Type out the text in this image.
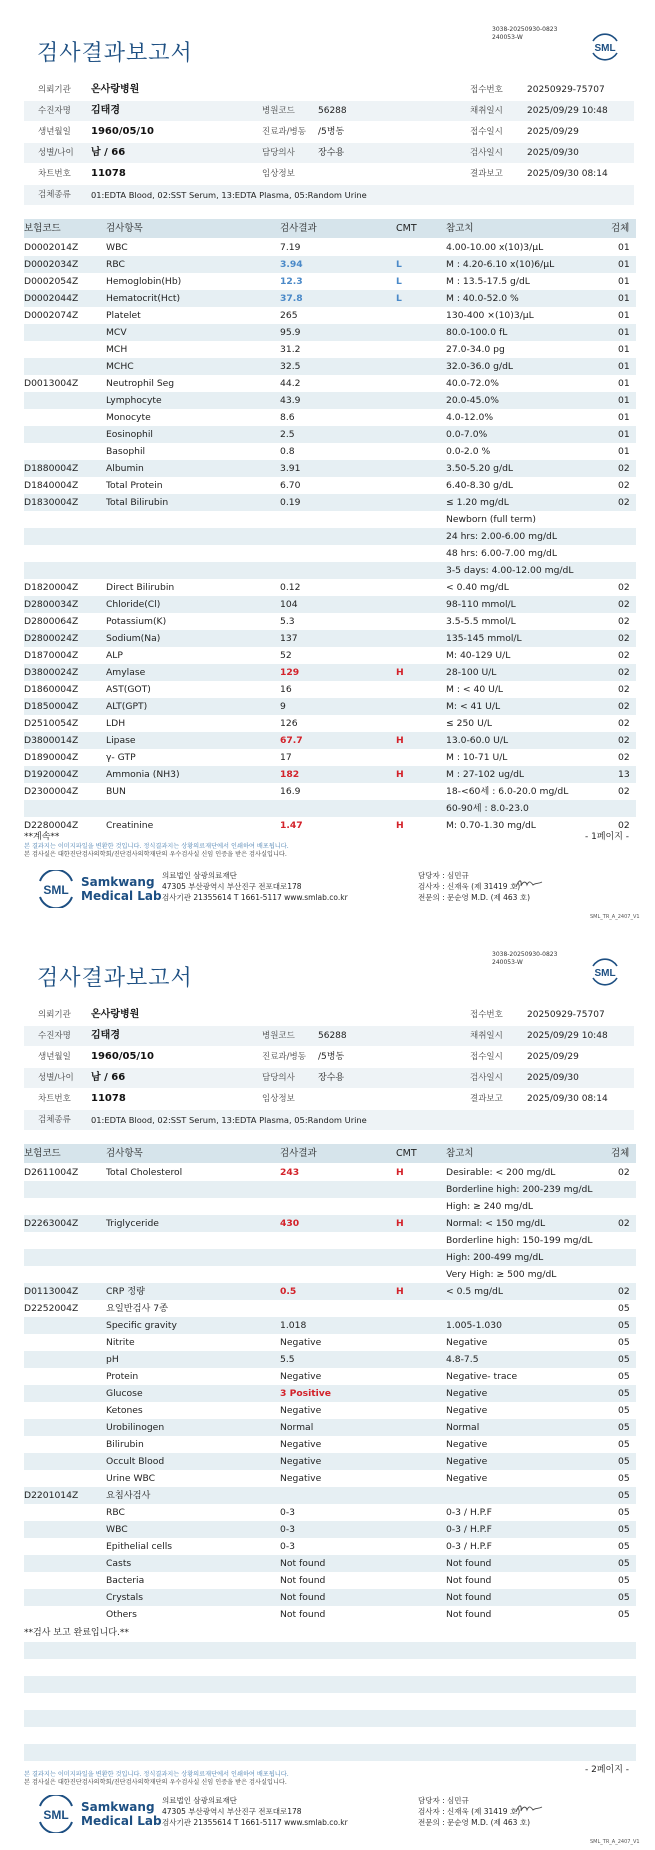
검사결과보고서
3038-20250930-0823
240053-W
SML
의뢰기관 온사랑병원	접수번호	20250929-75707
수진자명 김태경	병원코드	56288	채취일시	2025/09/29 10:48
생년월일 1960/05/10	진료과/병동 /5병동	접수일시	2025/09/29
성별/나이 남 / 66	담당의사	장수용	검사일시	2025/09/30
차트번호 11078	임상정보	결과보고	2025/09/30 08:14
검체종류 01:EDTA Blood, 02:SST Serum, 13:EDTA Plasma, 05:Random Urine
보험코드	검사항목	검사결과	CMT	참고치	검체
D0002014Z	WBC	7.19	4.00-10.00 x(10)3/μL	01
D0002034Z	RBC	3.94	L	M : 4.20-6.10 x(10)6/μL	01
D0002054Z	Hemoglobin(Hb)	12.3	L	M : 13.5-17.5 g/dL	01
D0002044Z	Hematocrit(Hct)	37.8	L	M : 40.0-52.0 %	01
D0002074Z	Platelet	265	130-400 ×(10)3/μL	01
MCV	95.9	80.0-100.0 fL	01
MCH	31.2	27.0-34.0 pg	01
MCHC	32.5	32.0-36.0 g/dL	01
D0013004Z	Neutrophil Seg	44.2	40.0-72.0%	01
Lymphocyte	43.9	20.0-45.0%	01
Monocyte	8.6	4.0-12.0%	01
Eosinophil	2.5	0.0-7.0%	01
Basophil	0.8	0.0-2.0 %	01
D1880004Z	Albumin	3.91	3.50-5.20 g/dL	02
D1840004Z	Total Protein	6.70	6.40-8.30 g/dL	02
D1830004Z	Total Bilirubin	0.19	≤ 1.20 mg/dL	02
Newborn (full term)
24 hrs: 2.00-6.00 mg/dL
48 hrs: 6.00-7.00 mg/dL
3-5 days: 4.00-12.00 mg/dL
D1820004Z	Direct Bilirubin	0.12	< 0.40 mg/dL	02
D2800034Z	Chloride(Cl)	104	98-110 mmol/L	02
D2800064Z	Potassium(K)	5.3	3.5-5.5 mmol/L	02
D2800024Z	Sodium(Na)	137	135-145 mmol/L	02
D1870004Z	ALP	52	M: 40-129 U/L	02
D3800024Z	Amylase	129	H	28-100 U/L	02
D1860004Z	AST(GOT)	16	M : < 40 U/L	02
D1850004Z	ALT(GPT)	9	M: < 41 U/L	02
D2510054Z	LDH	126	≤ 250 U/L	02
D3800014Z	Lipase	67.7	H	13.0-60.0 U/L	02
D1890004Z	γ- GTP	17	M : 10-71 U/L	02
D1920004Z	Ammonia (NH3)	182	H	M : 27-102 ug/dL	13
D2300004Z	BUN	16.9	18-<60세 : 6.0-20.0 mg/dL	02
60-90세 : 8.0-23.0
D2280004Z	Creatinine	1.47	H	M: 0.70-1.30 mg/dL	02
**계속**	- 1페이지 -
본 결과지는 이미지파일을 변환한 것입니다. 정식결과지는 상황의료재단에서 인쇄하여 배포됩니다.
본 검사실은 대한진단검사의학회/진단검사의학재단의 우수검사실 신임 인증을 받은 검사실입니다.
SML
Samkwang
Medical Lab
의료법인 삼광의료재단
47305 부산광역시 부산진구 전포대로178
검사기관 21355614 T 1661-5117 www.smlab.co.kr
담당자 : 심민규
검사자 : 신재욱 (제 31419 호)
전문의 : 문순영 M.D. (제 463 호)
SML_TR_A_2407_V1
검사결과보고서
3038-20250930-0823
240053-W
SML
의뢰기관 온사랑병원	접수번호	20250929-75707
수진자명 김태경	병원코드	56288	채취일시	2025/09/29 10:48
생년월일 1960/05/10	진료과/병동 /5병동	접수일시	2025/09/29
성별/나이 남 / 66	담당의사	장수용	검사일시	2025/09/30
차트번호 11078	임상정보	결과보고	2025/09/30 08:14
검체종류 01:EDTA Blood, 02:SST Serum, 13:EDTA Plasma, 05:Random Urine
보험코드	검사항목	검사결과	CMT	참고치	검체
D2611004Z	Total Cholesterol	243	H	Desirable: < 200 mg/dL	02
Borderline high: 200-239 mg/dL
High: ≥ 240 mg/dL
D2263004Z	Triglyceride	430	H	Normal: < 150 mg/dL	02
Borderline high: 150-199 mg/dL
High: 200-499 mg/dL
Very High: ≥ 500 mg/dL
D0113004Z	CRP 정량	0.5	H	< 0.5 mg/dL	02
D2252004Z	요일반검사 7종	05
Specific gravity	1.018	1.005-1.030	05
Nitrite	Negative	Negative	05
pH	5.5	4.8-7.5	05
Protein	Negative	Negative- trace	05
Glucose	3 Positive	Negative	05
Ketones	Negative	Negative	05
Urobilinogen	Normal	Normal	05
Bilirubin	Negative	Negative	05
Occult Blood	Negative	Negative	05
Urine WBC	Negative	Negative	05
D2201014Z	요침사검사	05
RBC	0-3	0-3 / H.P.F	05
WBC	0-3	0-3 / H.P.F	05
Epithelial cells	0-3	0-3 / H.P.F	05
Casts	Not found	Not found	05
Bacteria	Not found	Not found	05
Crystals	Not found	Not found	05
Others	Not found	Not found	05
**검사 보고 완료입니다.**
- 2페이지 -
본 결과지는 이미지파일을 변환한 것입니다. 정식결과지는 상황의료재단에서 인쇄하여 배포됩니다.
본 검사실은 대한진단검사의학회/진단검사의학재단의 우수검사실 신임 인증을 받은 검사실입니다.
SML
Samkwang
Medical Lab
의료법인 삼광의료재단
47305 부산광역시 부산진구 전포대로178
검사기관 21355614 T 1661-5117 www.smlab.co.kr
담당자 : 심민규
검사자 : 신재욱 (제 31419 호)
전문의 : 문순영 M.D. (제 463 호)
SML_TR_A_2407_V1
